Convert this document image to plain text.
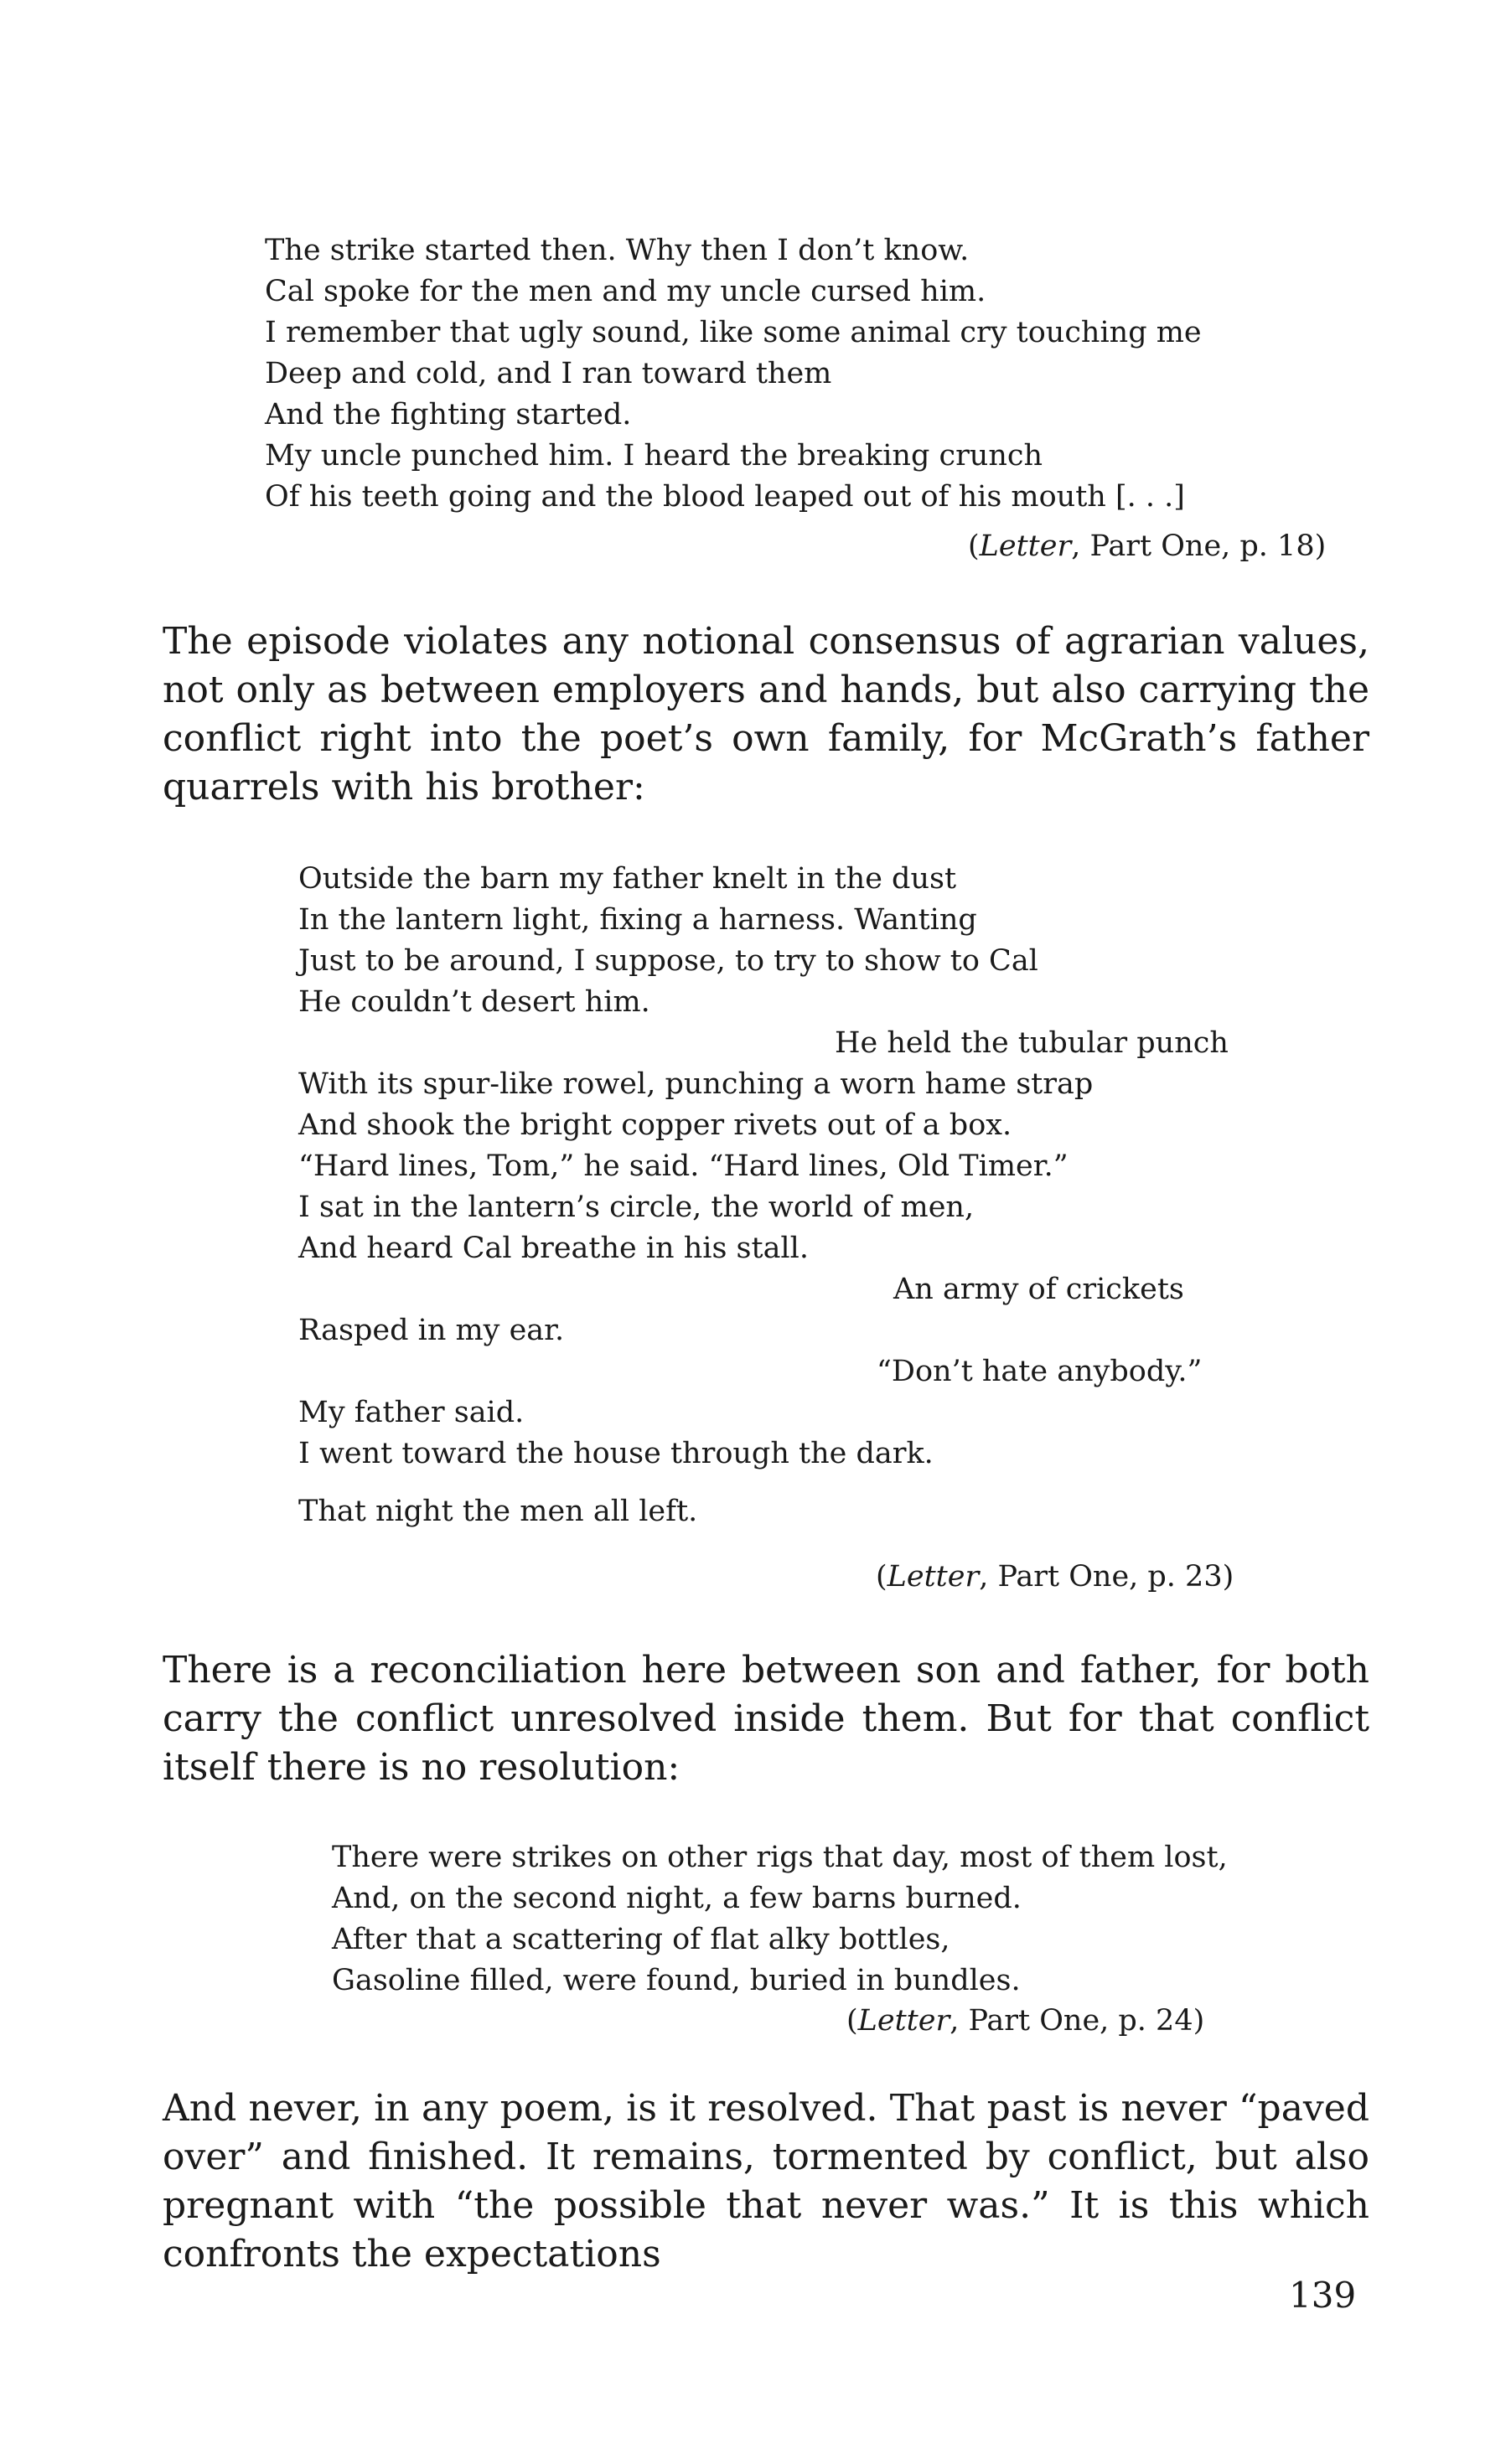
The strike started then. Why then I don’t know.
Cal spoke for the men and my uncle cursed him.
I remember that ugly sound, like some animal cry touching me
Deep and cold, and I ran toward them
And the fighting started.
My uncle punched him. I heard the breaking crunch
Of his teeth going and the blood leaped out of his mouth [. . .]
(Letter, Part One, p. 18)

The episode violates any notional consensus of agrarian values, not only as between employers and hands, but also carrying the conflict right into the poet’s own family, for McGrath’s father quarrels with his brother:

Outside the barn my father knelt in the dust
In the lantern light, fixing a harness. Wanting
Just to be around, I suppose, to try to show to Cal
He couldn’t desert him.
He held the tubular punch
With its spur-like rowel, punching a worn hame strap
And shook the bright copper rivets out of a box.
“Hard lines, Tom,” he said. “Hard lines, Old Timer.”
I sat in the lantern’s circle, the world of men,
And heard Cal breathe in his stall.
An army of crickets
Rasped in my ear.
“Don’t hate anybody.”
My father said.
I went toward the house through the dark.
That night the men all left.
(Letter, Part One, p. 23)

There is a reconciliation here between son and father, for both carry the conflict unresolved inside them. But for that conflict itself there is no resolution:

There were strikes on other rigs that day, most of them lost,
And, on the second night, a few barns burned.
After that a scattering of flat alky bottles,
Gasoline filled, were found, buried in bundles.
(Letter, Part One, p. 24)

And never, in any poem, is it resolved. That past is never “paved over” and finished. It remains, tormented by conflict, but also pregnant with “the possible that never was.” It is this which confronts the expectations

139
